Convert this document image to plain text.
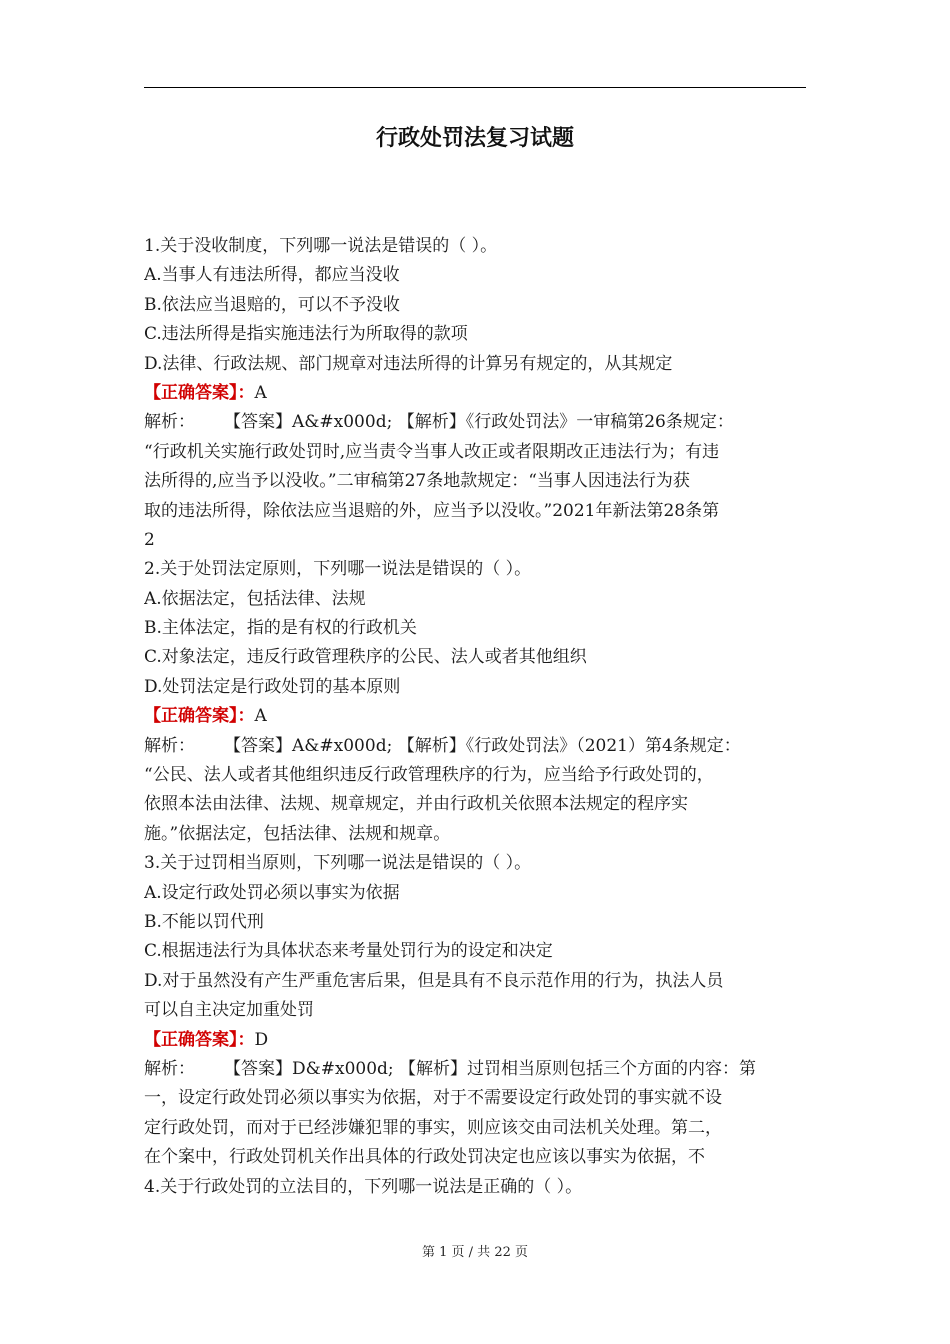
行政处罚法复习试题
1.关于没收制度，下列哪一说法是错误的（ ）。
A.当事人有违法所得，都应当没收
B.依法应当退赔的，可以不予没收
C.违法所得是指实施违法行为所取得的款项
D.法律、行政法规、部门规章对违法所得的计算另有规定的，从其规定
【正确答案】：A
解析： 【答案】A&#x000d; 【解析】《行政处罚法》一审稿第26条规定：
“行政机关实施行政处罚时,应当责令当事人改正或者限期改正违法行为；有违
法所得的,应当予以没收。”二审稿第27条地款规定：“当事人因违法行为获
取的违法所得，除依法应当退赔的外，应当予以没收。”2021年新法第28条第
2
2.关于处罚法定原则，下列哪一说法是错误的（ ）。
A.依据法定，包括法律、法规
B.主体法定，指的是有权的行政机关
C.对象法定，违反行政管理秩序的公民、法人或者其他组织
D.处罚法定是行政处罚的基本原则
【正确答案】：A
解析： 【答案】A&#x000d; 【解析】《行政处罚法》（2021）第4条规定：
“公民、法人或者其他组织违反行政管理秩序的行为，应当给予行政处罚的，
依照本法由法律、法规、规章规定，并由行政机关依照本法规定的程序实
施。”依据法定，包括法律、法规和规章。
3.关于过罚相当原则，下列哪一说法是错误的（ ）。
A.设定行政处罚必须以事实为依据
B.不能以罚代刑
C.根据违法行为具体状态来考量处罚行为的设定和决定
D.对于虽然没有产生严重危害后果，但是具有不良示范作用的行为，执法人员
可以自主决定加重处罚
【正确答案】：D
解析： 【答案】D&#x000d; 【解析】过罚相当原则包括三个方面的内容：第
一，设定行政处罚必须以事实为依据，对于不需要设定行政处罚的事实就不设
定行政处罚，而对于已经涉嫌犯罪的事实，则应该交由司法机关处理。第二，
在个案中，行政处罚机关作出具体的行政处罚决定也应该以事实为依据，不
4.关于行政处罚的立法目的，下列哪一说法是正确的（ ）。
第 1 页 / 共 22 页
